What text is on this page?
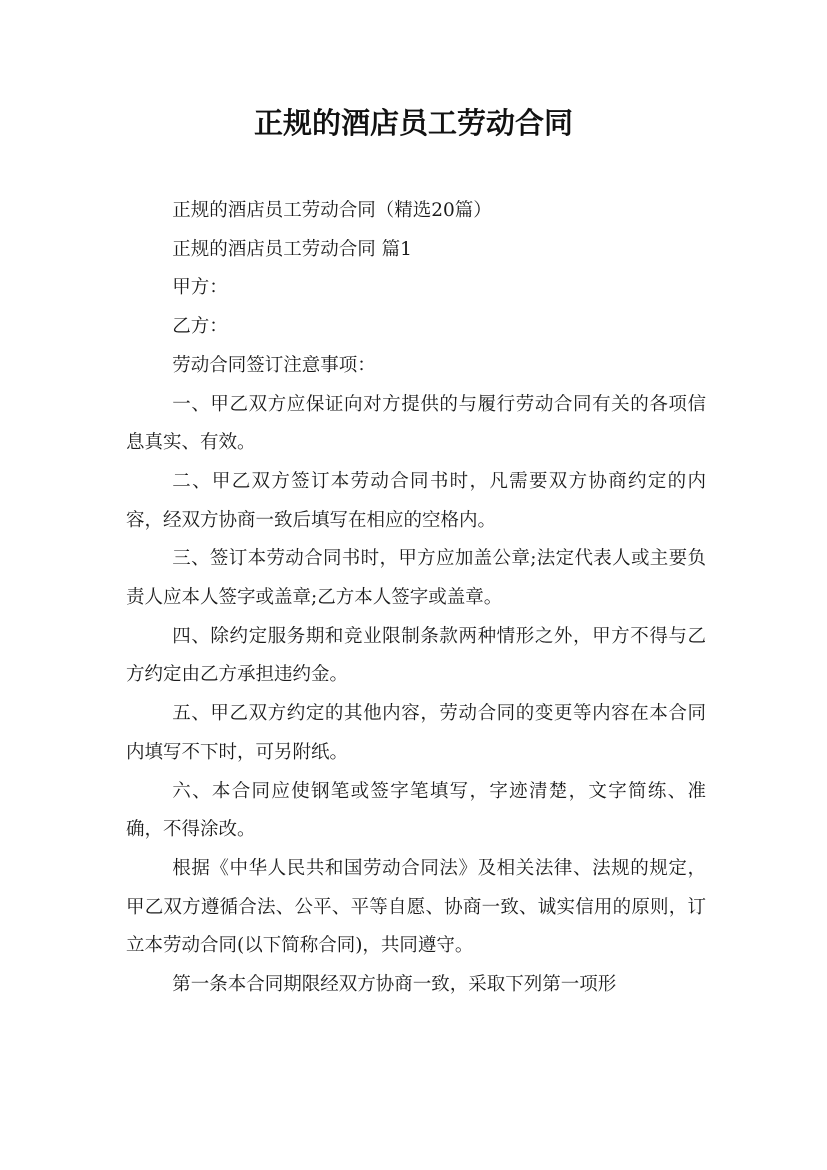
正规的酒店员工劳动合同

正规的酒店员工劳动合同（精选20篇）

正规的酒店员工劳动合同 篇1

甲方：

乙方：

劳动合同签订注意事项：

一、甲乙双方应保证向对方提供的与履行劳动合同有关的各项信息真实、有效。

二、甲乙双方签订本劳动合同书时，凡需要双方协商约定的内容，经双方协商一致后填写在相应的空格内。

三、签订本劳动合同书时，甲方应加盖公章;法定代表人或主要负责人应本人签字或盖章;乙方本人签字或盖章。

四、除约定服务期和竞业限制条款两种情形之外，甲方不得与乙方约定由乙方承担违约金。

五、甲乙双方约定的其他内容，劳动合同的变更等内容在本合同内填写不下时，可另附纸。

六、本合同应使钢笔或签字笔填写，字迹清楚，文字简练、准确，不得涂改。

根据《中华人民共和国劳动合同法》及相关法律、法规的规定，甲乙双方遵循合法、公平、平等自愿、协商一致、诚实信用的原则，订立本劳动合同(以下简称合同)，共同遵守。

第一条本合同期限经双方协商一致，采取下列第一项形
